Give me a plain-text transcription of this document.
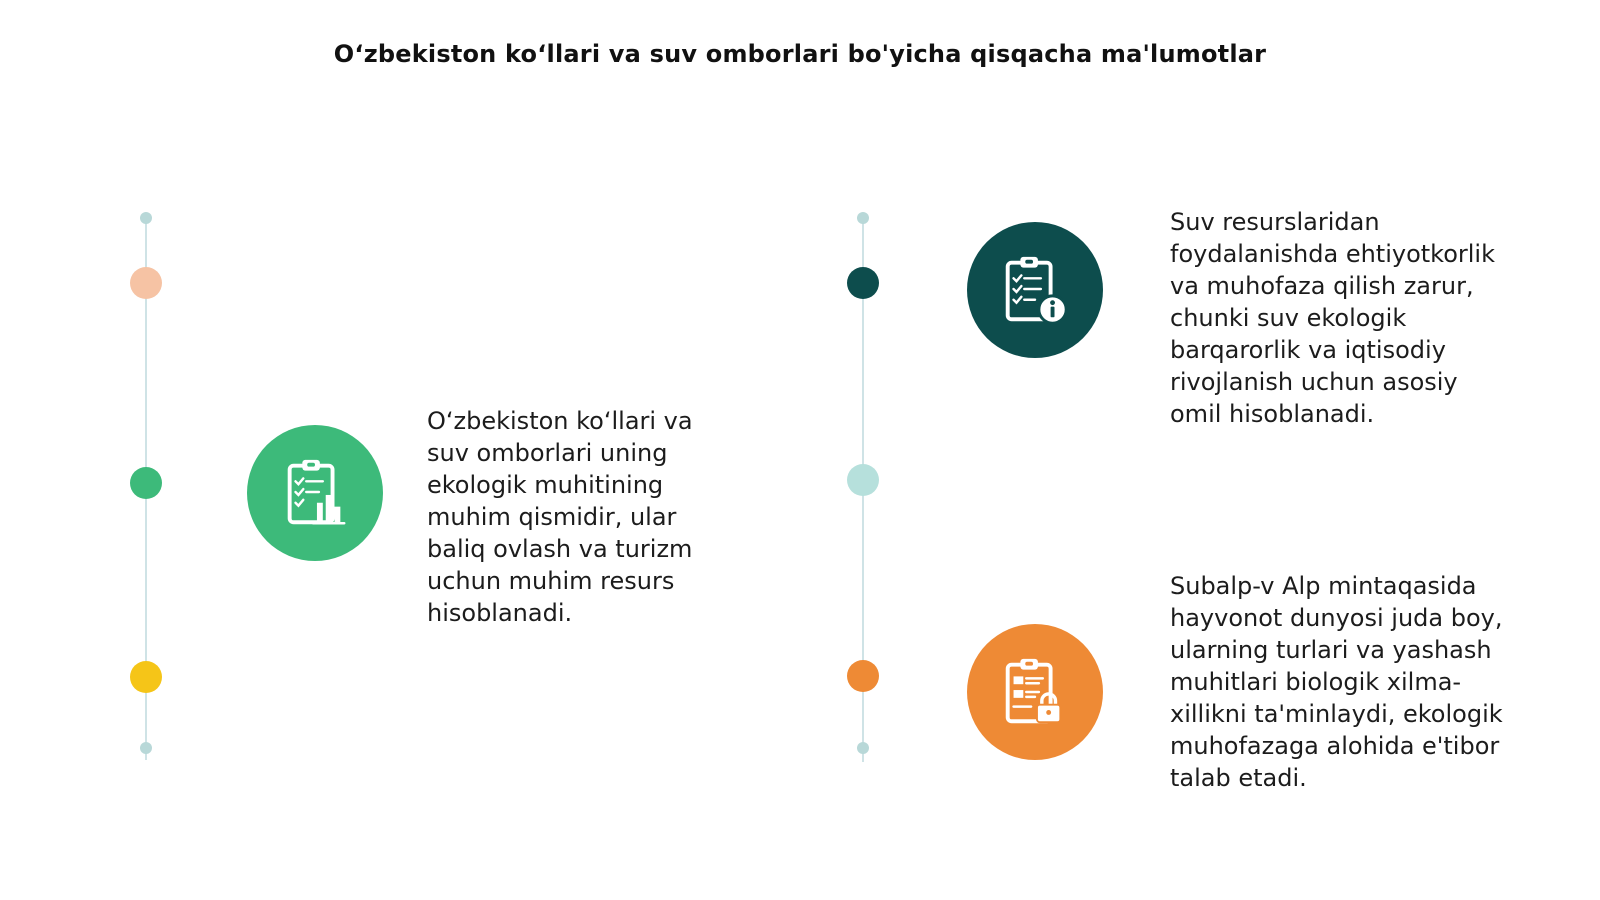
O‘zbekiston ko‘llari va suv omborlari bo'yicha qisqacha ma'lumotlar
O‘zbekiston ko‘llari va
suv omborlari uning
ekologik muhitining
muhim qismidir, ular
baliq ovlash va turizm
uchun muhim resurs
hisoblanadi.
Suv resurslaridan
foydalanishda ehtiyotkorlik
va muhofaza qilish zarur,
chunki suv ekologik
barqarorlik va iqtisodiy
rivojlanish uchun asosiy
omil hisoblanadi.
Subalp-v Alp mintaqasida
hayvonot dunyosi juda boy,
ularning turlari va yashash
muhitlari biologik xilma-
xillikni ta'minlaydi, ekologik
muhofazaga alohida e'tibor
talab etadi.
